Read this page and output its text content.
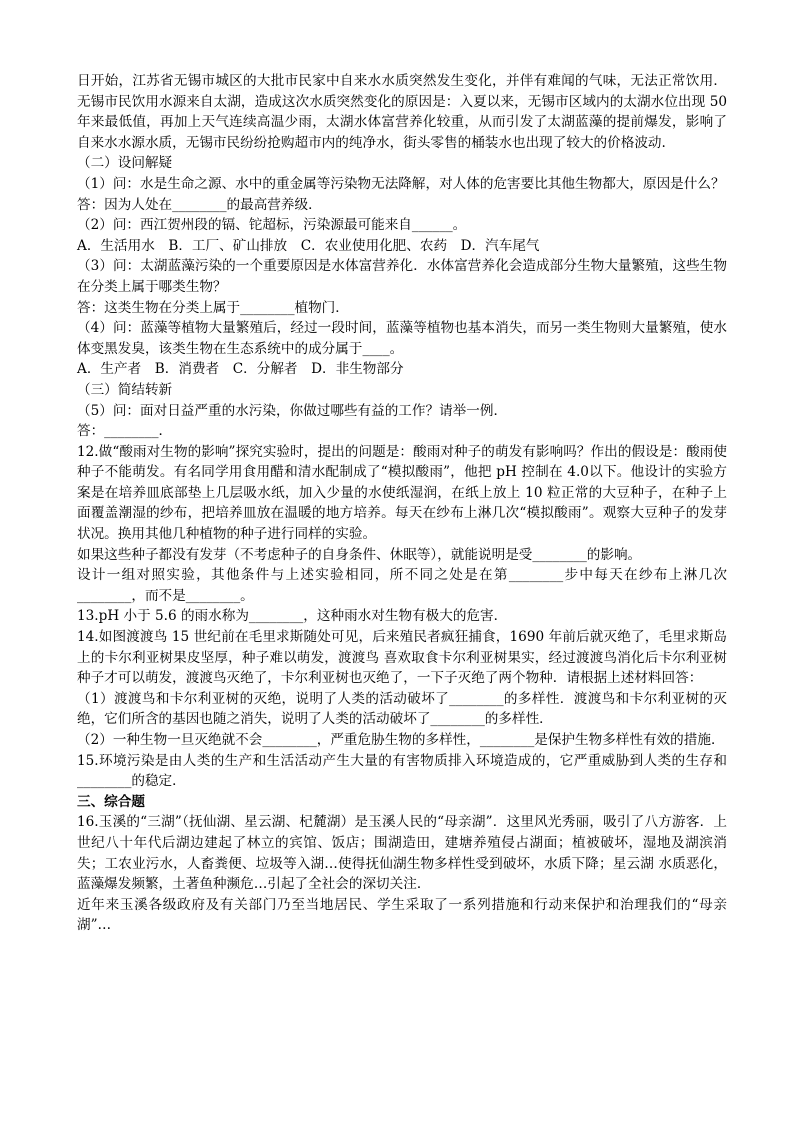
日开始，江苏省无锡市城区的大批市民家中自来水水质突然发生变化，并伴有难闻的气味，无法正常饮用．无锡市民饮用水源来自太湖，造成这次水质突然变化的原因是：入夏以来，无锡市区域内的太湖水位出现 50 年来最低值，再加上天气连续高温少雨，太湖水体富营养化较重，从而引发了太湖蓝藻的提前爆发，影响了自来水水源水质，无锡市民纷纷抢购超市内的纯净水，街头零售的桶装水也出现了较大的价格波动.

（二）设问解疑

（1）问：水是生命之源、水中的重金属等污染物无法降解，对人体的危害要比其他生物都大，原因是什么？

答：因为人处在________的最高营养级．

（2）问：西江贺州段的镉、铊超标，污染源最可能来自______。

A．生活用水　B．工厂、矿山排放　C．农业使用化肥、农药　D．汽车尾气

（3）问：太湖蓝藻污染的一个重要原因是水体富营养化．水体富营养化会造成部分生物大量繁殖，这些生物在分类上属于哪类生物？

答：这类生物在分类上属于________植物门．

（4）问：蓝藻等植物大量繁殖后，经过一段时间，蓝藻等植物也基本消失，而另一类生物则大量繁殖，使水体变黑发臭，该类生物在生态系统中的成分属于____。

A．生产者　B．消费者　C．分解者　D．非生物部分

（三）简结转新

（5）问：面对日益严重的水污染，你做过哪些有益的工作？请举一例．

答：________．

12.做“酸雨对生物的影响”探究实验时，提出的问题是：酸雨对种子的萌发有影响吗？作出的假设是：酸雨使种子不能萌发。有名同学用食用醋和清水配制成了“模拟酸雨”，他把 pH 控制在 4.0以下。他设计的实验方案是在培养皿底部垫上几层吸水纸，加入少量的水使纸湿润，在纸上放上 10 粒正常的大豆种子，在种子上面覆盖潮湿的纱布，把培养皿放在温暖的地方培养。每天在纱布上淋几次“模拟酸雨”。观察大豆种子的发芽状况。换用其他几种植物的种子进行同样的实验。

如果这些种子都没有发芽（不考虑种子的自身条件、休眠等），就能说明是受________的影响。

设计一组对照实验，其他条件与上述实验相同，所不同之处是在第________步中每天在纱布上淋几次________，而不是________。

13.pH 小于 5.6 的雨水称为________，这种雨水对生物有极大的危害．

14.如图渡渡鸟 15 世纪前在毛里求斯随处可见，后来殖民者疯狂捕食，1690 年前后就灭绝了，毛里求斯岛上的卡尔利亚树果皮坚厚，种子难以萌发，渡渡鸟 喜欢取食卡尔利亚树果实，经过渡渡鸟消化后卡尔利亚树种子才可以萌发，渡渡鸟灭绝了，卡尔利亚树也灭绝了，一下子灭绝了两个物种．请根据上述材料回答：

（1）渡渡鸟和卡尔利亚树的灭绝，说明了人类的活动破坏了________的多样性．渡渡鸟和卡尔利亚树的灭绝，它们所含的基因也随之消失，说明了人类的活动破坏了________的多样性．

（2）一种生物一旦灭绝就不会________，严重危胁生物的多样性，________是保护生物多样性有效的措施．

15.环境污染是由人类的生产和生活活动产生大量的有害物质排入环境造成的，它严重威胁到人类的生存和________的稳定．

三、综合题

16.玉溪的“三湖”（抚仙湖、星云湖、杞麓湖）是玉溪人民的“母亲湖”．这里风光秀丽，吸引了八方游客．上世纪八十年代后湖边建起了林立的宾馆、饭店；围湖造田，建塘养殖侵占湖面；植被破坏，湿地及湖滨消失；工农业污水，人畜粪便、垃圾等入湖…使得抚仙湖生物多样性受到破坏，水质下降；星云湖 水质恶化，蓝藻爆发频繁，土著鱼种濒危…引起了全社会的深切关注．

近年来玉溪各级政府及有关部门乃至当地居民、学生采取了一系列措施和行动来保护和治理我们的“母亲湖”…
